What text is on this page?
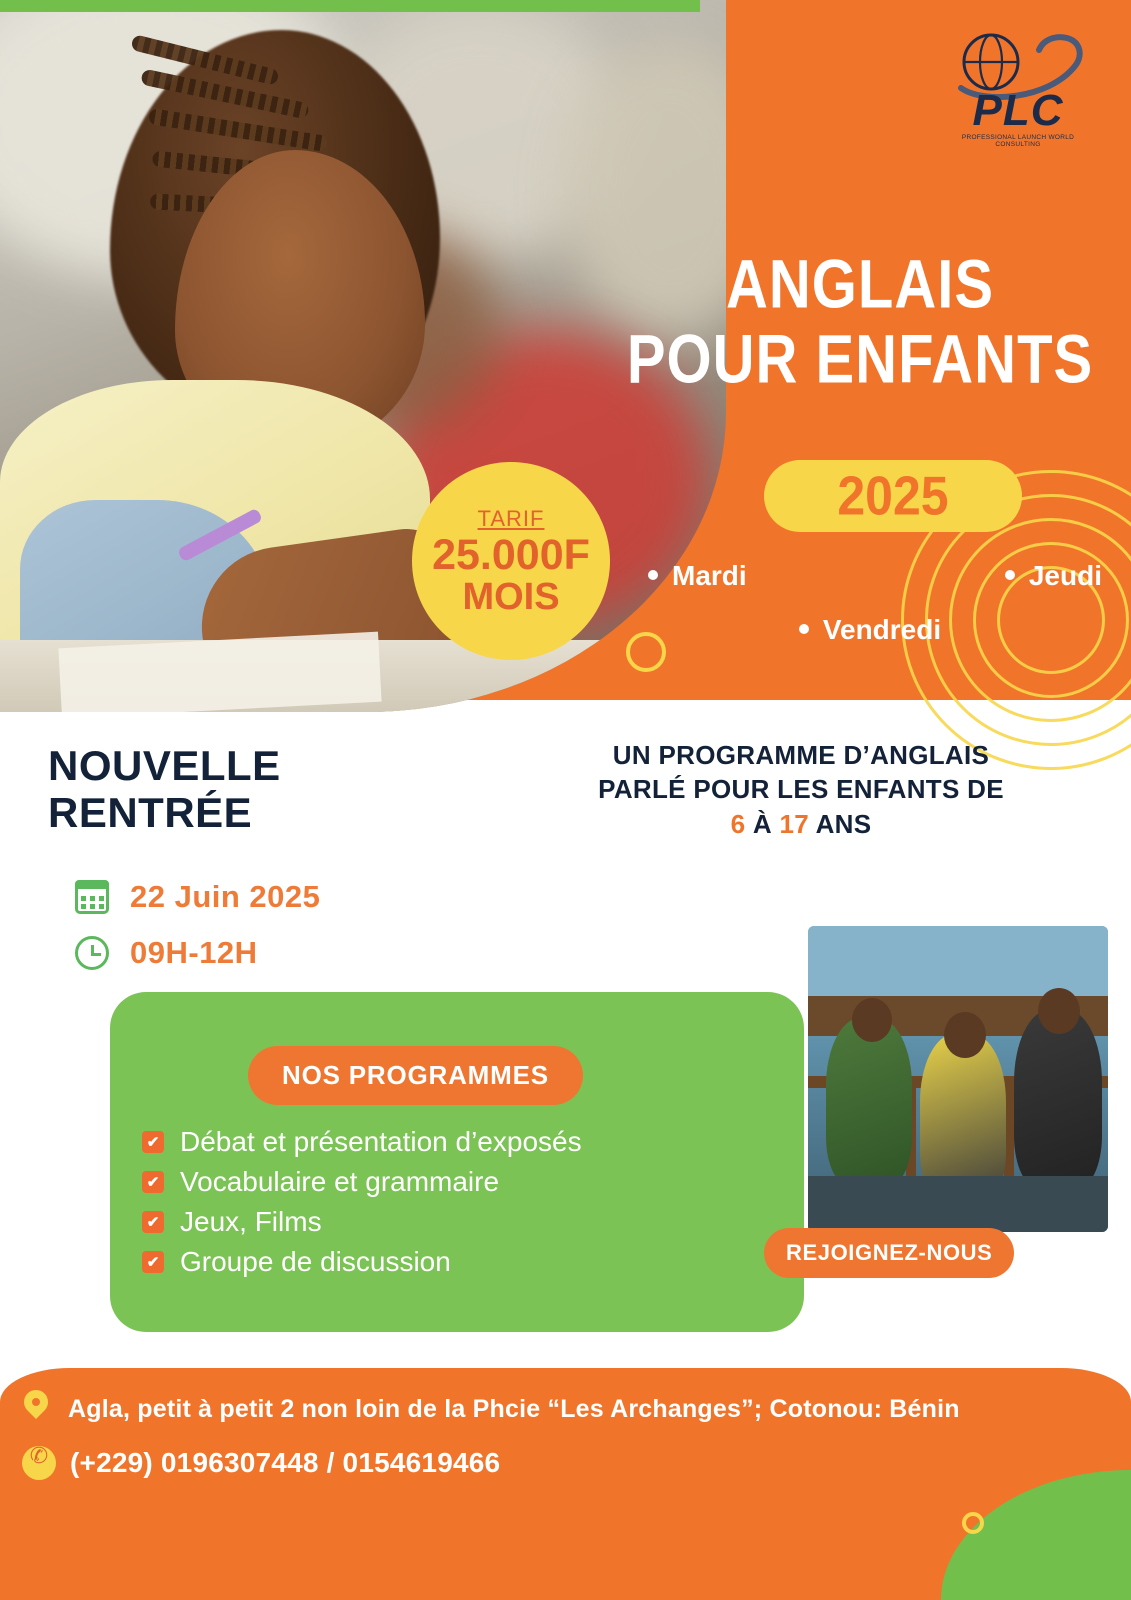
PLC
PROFESSIONAL LAUNCH WORLD CONSULTING
ANGLAIS
POUR ENFANTS
2025
Mardi	Jeudi
Vendredi
TARIF
25.000F
MOIS
NOUVELLE
RENTRÉE
22 Juin 2025
09H-12H
UN PROGRAMME D’ANGLAIS
PARLÉ POUR LES ENFANTS DE
6 À 17 ANS
NOS PROGRAMMES
✔ Débat et présentation d’exposés
✔ Vocabulaire et grammaire
✔ Jeux, Films
✔ Groupe de discussion	REJOIGNEZ-NOUS
Agla, petit à petit 2 non loin de la Phcie “Les Archanges”; Cotonou: Bénin
✆
(+229) 0196307448 / 0154619466
